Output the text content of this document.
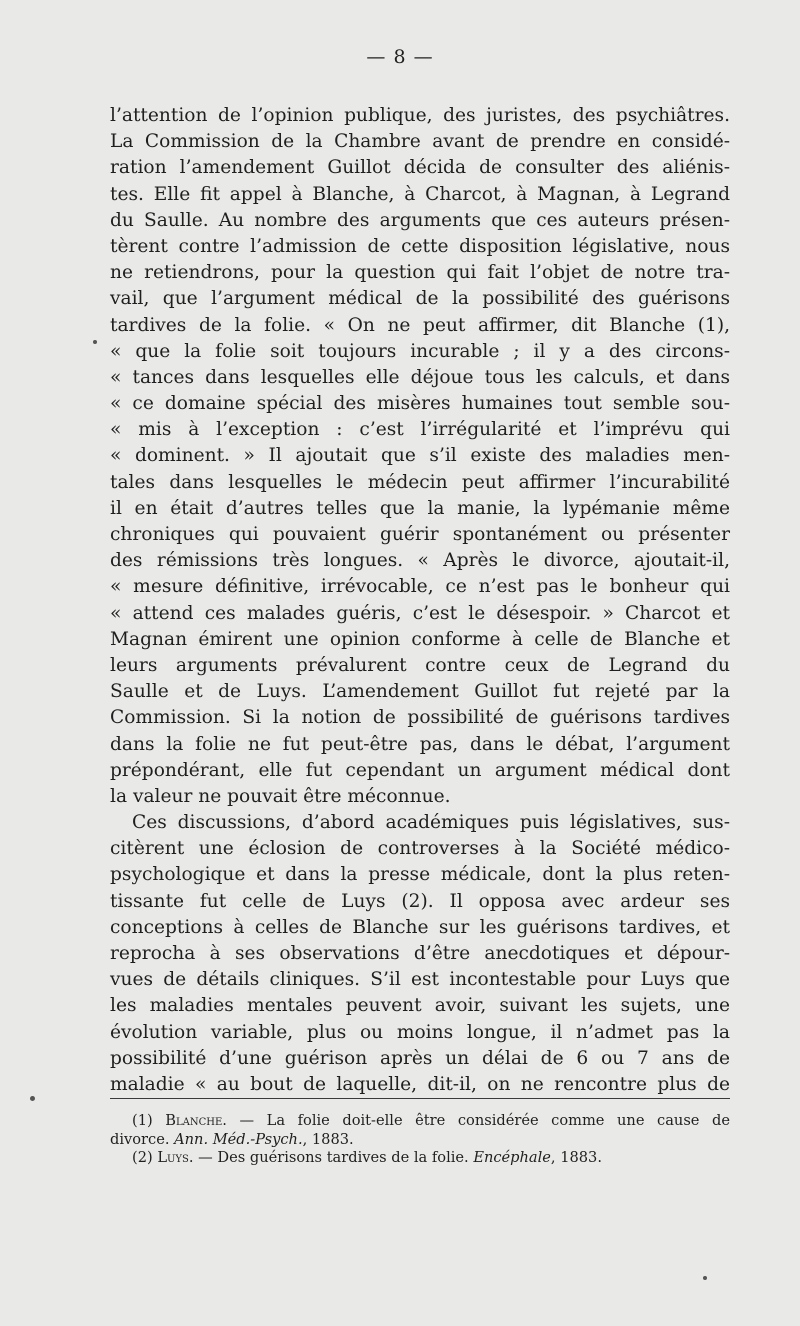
— 8 —
l’attention de l’opinion publique, des juristes, des psychiâtres.
La Commission de la Chambre avant de prendre en considé-
ration l’amendement Guillot décida de consulter des aliénis-
tes. Elle fit appel à Blanche, à Charcot, à Magnan, à Legrand
du Saulle. Au nombre des arguments que ces auteurs présen-
tèrent contre l’admission de cette disposition législative, nous
ne retiendrons, pour la question qui fait l’objet de notre tra-
vail, que l’argument médical de la possibilité des guérisons
tardives de la folie. « On ne peut affirmer, dit Blanche (1),
« que la folie soit toujours incurable ; il y a des circons-
« tances dans lesquelles elle déjoue tous les calculs, et dans
« ce domaine spécial des misères humaines tout semble sou-
« mis à l’exception : c’est l’irrégularité et l’imprévu qui
« dominent. » Il ajoutait que s’il existe des maladies men-
tales dans lesquelles le médecin peut affirmer l’incurabilité
il en était d’autres telles que la manie, la lypémanie même
chroniques qui pouvaient guérir spontanément ou présenter
des rémissions très longues. « Après le divorce, ajoutait-il,
« mesure définitive, irrévocable, ce n’est pas le bonheur qui
« attend ces malades guéris, c’est le désespoir. » Charcot et
Magnan émirent une opinion conforme à celle de Blanche et
leurs arguments prévalurent contre ceux de Legrand du
Saulle et de Luys. L’amendement Guillot fut rejeté par la
Commission. Si la notion de possibilité de guérisons tardives
dans la folie ne fut peut-être pas, dans le débat, l’argument
prépondérant, elle fut cependant un argument médical dont
la valeur ne pouvait être méconnue.
Ces discussions, d’abord académiques puis législatives, sus-
citèrent une éclosion de controverses à la Société médico-
psychologique et dans la presse médicale, dont la plus reten-
tissante fut celle de Luys (2). Il opposa avec ardeur ses
conceptions à celles de Blanche sur les guérisons tardives, et
reprocha à ses observations d’être anecdotiques et dépour-
vues de détails cliniques. S’il est incontestable pour Luys que
les maladies mentales peuvent avoir, suivant les sujets, une
évolution variable, plus ou moins longue, il n’admet pas la
possibilité d’une guérison après un délai de 6 ou 7 ans de
maladie « au bout de laquelle, dit-il, on ne rencontre plus de
(1) Blanche. — La folie doit-elle être considérée comme une cause de
divorce. Ann. Méd.-Psych., 1883.
(2) Luys. — Des guérisons tardives de la folie. Encéphale, 1883.
